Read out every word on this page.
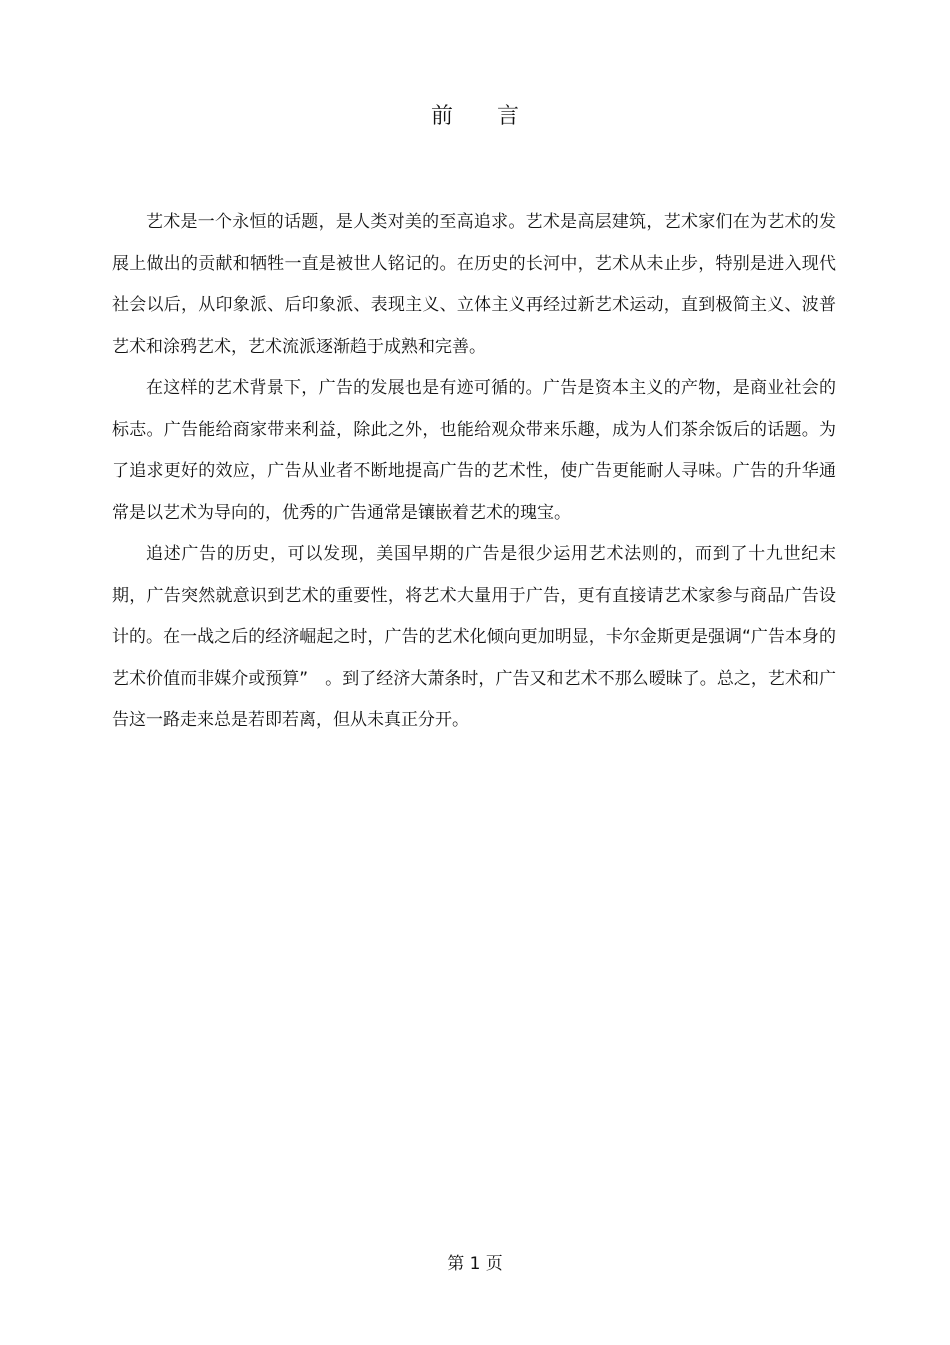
前言

艺术是一个永恒的话题，是人类对美的至高追求。艺术是高层建筑，艺术家们在为艺术的发展上做出的贡献和牺牲一直是被世人铭记的。在历史的长河中，艺术从未止步，特别是进入现代社会以后，从印象派、后印象派、表现主义、立体主义再经过新艺术运动，直到极简主义、波普艺术和涂鸦艺术，艺术流派逐渐趋于成熟和完善。

在这样的艺术背景下，广告的发展也是有迹可循的。广告是资本主义的产物，是商业社会的标志。广告能给商家带来利益，除此之外，也能给观众带来乐趣，成为人们茶余饭后的话题。为了追求更好的效应，广告从业者不断地提高广告的艺术性，使广告更能耐人寻味。广告的升华通常是以艺术为导向的，优秀的广告通常是镶嵌着艺术的瑰宝。

追述广告的历史，可以发现，美国早期的广告是很少运用艺术法则的，而到了十九世纪末期，广告突然就意识到艺术的重要性，将艺术大量用于广告，更有直接请艺术家参与商品广告设计的。在一战之后的经济崛起之时，广告的艺术化倾向更加明显，卡尔金斯更是强调“广告本身的艺术价值而非媒介或预算”　。到了经济大萧条时，广告又和艺术不那么暧昧了。总之，艺术和广告这一路走来总是若即若离，但从未真正分开。

第 1 页
